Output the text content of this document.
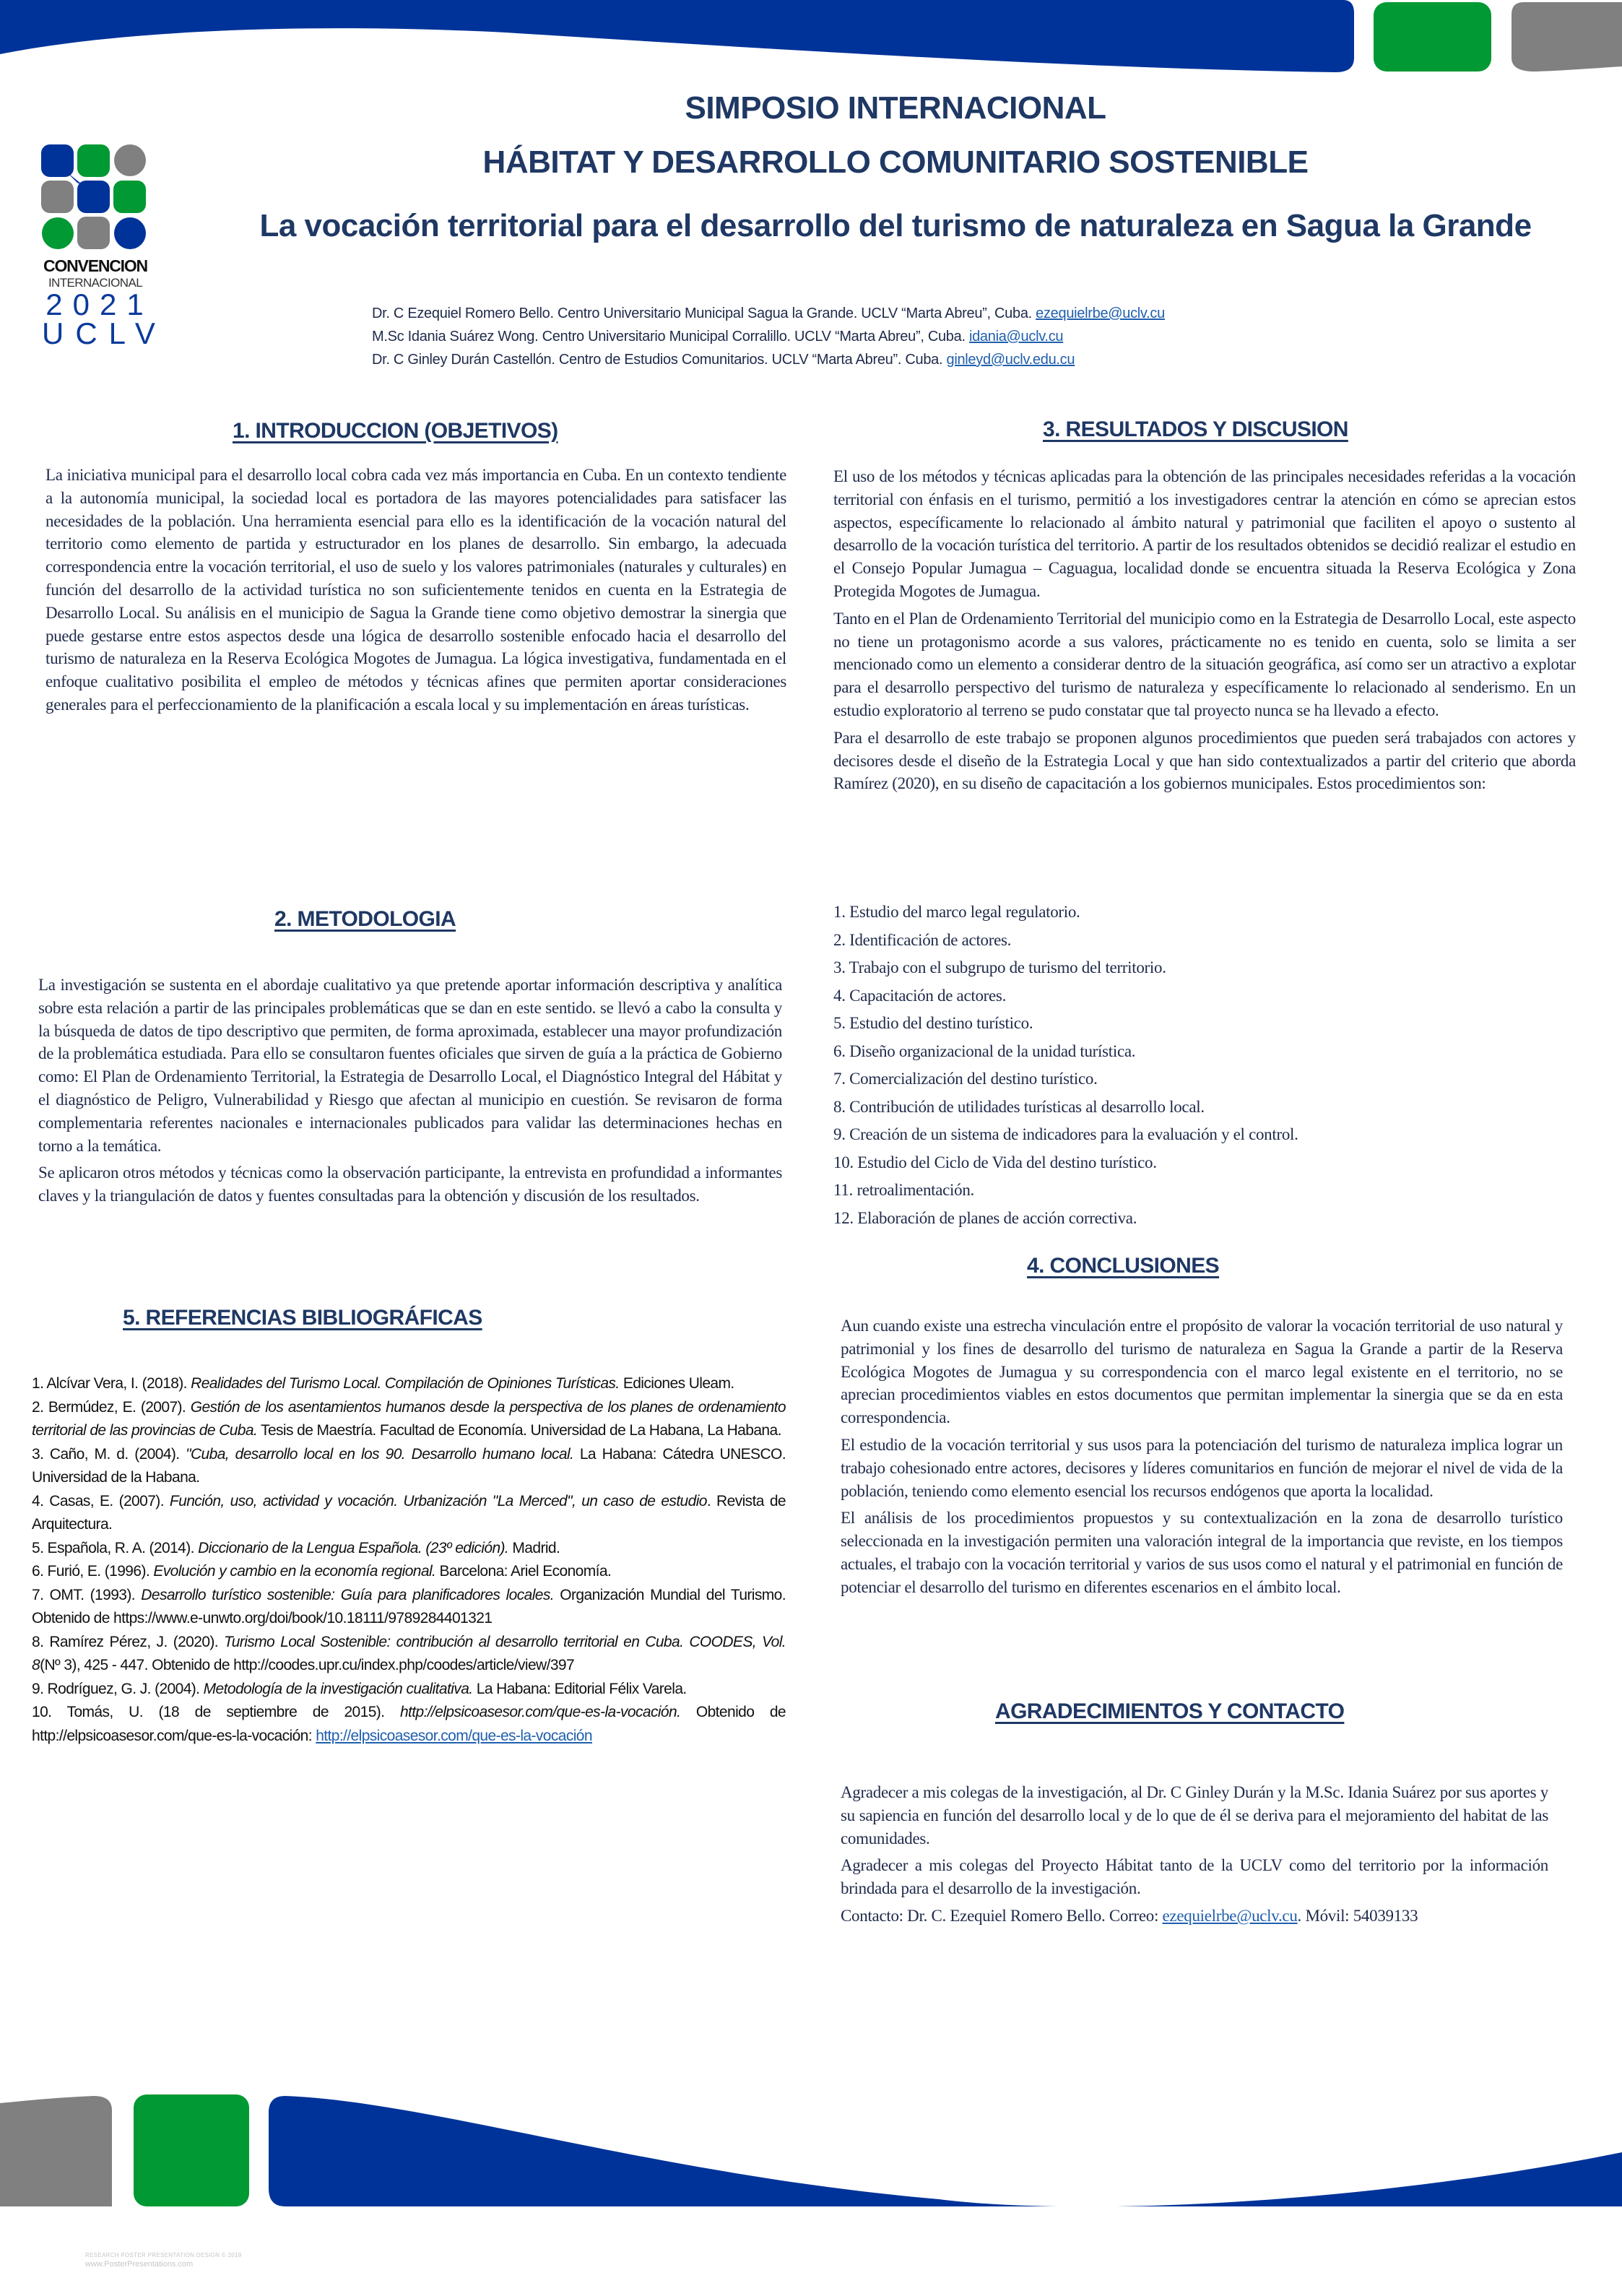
CONVENCION
INTERNACIONAL
2021
UCLV
SIMPOSIO INTERNACIONAL
HÁBITAT Y DESARROLLO COMUNITARIO SOSTENIBLE
La vocación territorial para el desarrollo del turismo de naturaleza en Sagua la Grande
Dr. C Ezequiel Romero Bello. Centro Universitario Municipal Sagua la Grande. UCLV “Marta Abreu”, Cuba. ezequielrbe@uclv.cu
M.Sc Idania Suárez Wong. Centro Universitario Municipal Corralillo. UCLV “Marta Abreu”, Cuba. idania@uclv.cu
Dr. C Ginley Durán Castellón. Centro de Estudios Comunitarios. UCLV “Marta Abreu”. Cuba. ginleyd@uclv.edu.cu
1. INTRODUCCION (OBJETIVOS)

La iniciativa municipal para el desarrollo local cobra cada vez más importancia en Cuba. En un contexto tendiente a la autonomía municipal, la sociedad local es portadora de las mayores potencialidades para satisfacer las necesidades de la población. Una herramienta esencial para ello es la identificación de la vocación natural del territorio como elemento de partida y estructurador en los planes de desarrollo. Sin embargo, la adecuada correspondencia entre la vocación territorial, el uso de suelo y los valores patrimoniales (naturales y culturales) en función del desarrollo de la actividad turística no son suficientemente tenidos en cuenta en la Estrategia de Desarrollo Local. Su análisis en el municipio de Sagua la Grande tiene como objetivo demostrar la sinergia que puede gestarse entre estos aspectos desde una lógica de desarrollo sostenible enfocado hacia el desarrollo del turismo de naturaleza en la Reserva Ecológica Mogotes de Jumagua. La lógica investigativa, fundamentada en el enfoque cualitativo posibilita el empleo de métodos y técnicas afines que permiten aportar consideraciones generales para el perfeccionamiento de la planificación a escala local y su implementación en áreas turísticas.

2. METODOLOGIA

La investigación se sustenta en el abordaje cualitativo ya que pretende aportar información descriptiva y analítica sobre esta relación a partir de las principales problemáticas que se dan en este sentido. se llevó a cabo la consulta y la búsqueda de datos de tipo descriptivo que permiten, de forma aproximada, establecer una mayor profundización de la problemática estudiada. Para ello se consultaron fuentes oficiales que sirven de guía a la práctica de Gobierno como: El Plan de Ordenamiento Territorial, la Estrategia de Desarrollo Local, el Diagnóstico Integral del Hábitat y el diagnóstico de Peligro, Vulnerabilidad y Riesgo que afectan al municipio en cuestión. Se revisaron de forma complementaria referentes nacionales e internacionales publicados para validar las determinaciones hechas en torno a la temática.

Se aplicaron otros métodos y técnicas como la observación participante, la entrevista en profundidad a informantes claves y la triangulación de datos y fuentes consultadas para la obtención y discusión de los resultados.

5. REFERENCIAS BIBLIOGRÁFICAS

1. Alcívar Vera, I. (2018). Realidades del Turismo Local. Compilación de Opiniones Turísticas. Ediciones Uleam.

2. Bermúdez, E. (2007). Gestión de los asentamientos humanos desde la perspectiva de los planes de ordenamiento territorial de las provincias de Cuba. Tesis de Maestría. Facultad de Economía. Universidad de La Habana, La Habana.

3. Caño, M. d. (2004). "Cuba, desarrollo local en los 90. Desarrollo humano local. La Habana: Cátedra UNESCO. Universidad de la Habana.

4. Casas, E. (2007). Función, uso, actividad y vocación. Urbanización "La Merced", un caso de estudio. Revista de Arquitectura.

5. Española, R. A. (2014). Diccionario de la Lengua Española. (23º edición). Madrid.

6. Furió, E. (1996). Evolución y cambio en la economía regional. Barcelona: Ariel Economía.

7. OMT. (1993). Desarrollo turístico sostenible: Guía para planificadores locales. Organización Mundial del Turismo. Obtenido de https://www.e-unwto.org/doi/book/10.18111/9789284401321

8. Ramírez Pérez, J. (2020). Turismo Local Sostenible: contribución al desarrollo territorial en Cuba. COODES, Vol. 8(Nº 3), 425 - 447. Obtenido de http://coodes.upr.cu/index.php/coodes/article/view/397

9. Rodríguez, G. J. (2004). Metodología de la investigación cualitativa. La Habana: Editorial Félix Varela.

10. Tomás, U. (18 de septiembre de 2015). http://elpsicoasesor.com/que-es-la-vocación. Obtenido de http://elpsicoasesor.com/que-es-la-vocación: http://elpsicoasesor.com/que-es-la-vocación

3. RESULTADOS Y DISCUSION

El uso de los métodos y técnicas aplicadas para la obtención de las principales necesidades referidas a la vocación territorial con énfasis en el turismo, permitió a los investigadores centrar la atención en cómo se aprecian estos aspectos, específicamente lo relacionado al ámbito natural y patrimonial que faciliten el apoyo o sustento al desarrollo de la vocación turística del territorio. A partir de los resultados obtenidos se decidió realizar el estudio en el Consejo Popular Jumagua – Caguagua, localidad donde se encuentra situada la Reserva Ecológica y Zona Protegida Mogotes de Jumagua.

Tanto en el Plan de Ordenamiento Territorial del municipio como en la Estrategia de Desarrollo Local, este aspecto no tiene un protagonismo acorde a sus valores, prácticamente no es tenido en cuenta, solo se limita a ser mencionado como un elemento a considerar dentro de la situación geográfica, así como ser un atractivo a explotar para el desarrollo perspectivo del turismo de naturaleza y específicamente lo relacionado al senderismo. En un estudio exploratorio al terreno se pudo constatar que tal proyecto nunca se ha llevado a efecto.

Para el desarrollo de este trabajo se proponen algunos procedimientos que pueden será trabajados con actores y decisores desde el diseño de la Estrategia Local y que han sido contextualizados a partir del criterio que aborda Ramírez (2020), en su diseño de capacitación a los gobiernos municipales. Estos procedimientos son:

1. Estudio del marco legal regulatorio.

2. Identificación de actores.

3. Trabajo con el subgrupo de turismo del territorio.

4. Capacitación de actores.

5. Estudio del destino turístico.

6. Diseño organizacional de la unidad turística.

7. Comercialización del destino turístico.

8. Contribución de utilidades turísticas al desarrollo local.

9. Creación de un sistema de indicadores para la evaluación y el control.

10. Estudio del Ciclo de Vida del destino turístico.

11. retroalimentación.

12. Elaboración de planes de acción correctiva.

4. CONCLUSIONES

Aun cuando existe una estrecha vinculación entre el propósito de valorar la vocación territorial de uso natural y patrimonial y los fines de desarrollo del turismo de naturaleza en Sagua la Grande a partir de la Reserva Ecológica Mogotes de Jumagua y su correspondencia con el marco legal existente en el territorio, no se aprecian procedimientos viables en estos documentos que permitan implementar la sinergia que se da en esta correspondencia.

El estudio de la vocación territorial y sus usos para la potenciación del turismo de naturaleza implica lograr un trabajo cohesionado entre actores, decisores y líderes comunitarios en función de mejorar el nivel de vida de la población, teniendo como elemento esencial los recursos endógenos que aporta la localidad.

El análisis de los procedimientos propuestos y su contextualización en la zona de desarrollo turístico seleccionada en la investigación permiten una valoración integral de la importancia que reviste, en los tiempos actuales, el trabajo con la vocación territorial y varios de sus usos como el natural y el patrimonial en función de potenciar el desarrollo del turismo en diferentes escenarios en el ámbito local.

AGRADECIMIENTOS Y CONTACTO

Agradecer a mis colegas de la investigación, al Dr. C Ginley Durán y la M.Sc. Idania Suárez por sus aportes y su sapiencia en función del desarrollo local y de lo que de él se deriva para el mejoramiento del habitat de las comunidades.

Agradecer a mis colegas del Proyecto Hábitat tanto de la UCLV como del territorio por la información brindada para el desarrollo de la investigación.

Contacto: Dr. C. Ezequiel Romero Bello. Correo: ezequielrbe@uclv.cu. Móvil: 54039133

RESEARCH POSTER PRESENTATION DESIGN © 2019
www.PosterPresentations.com
